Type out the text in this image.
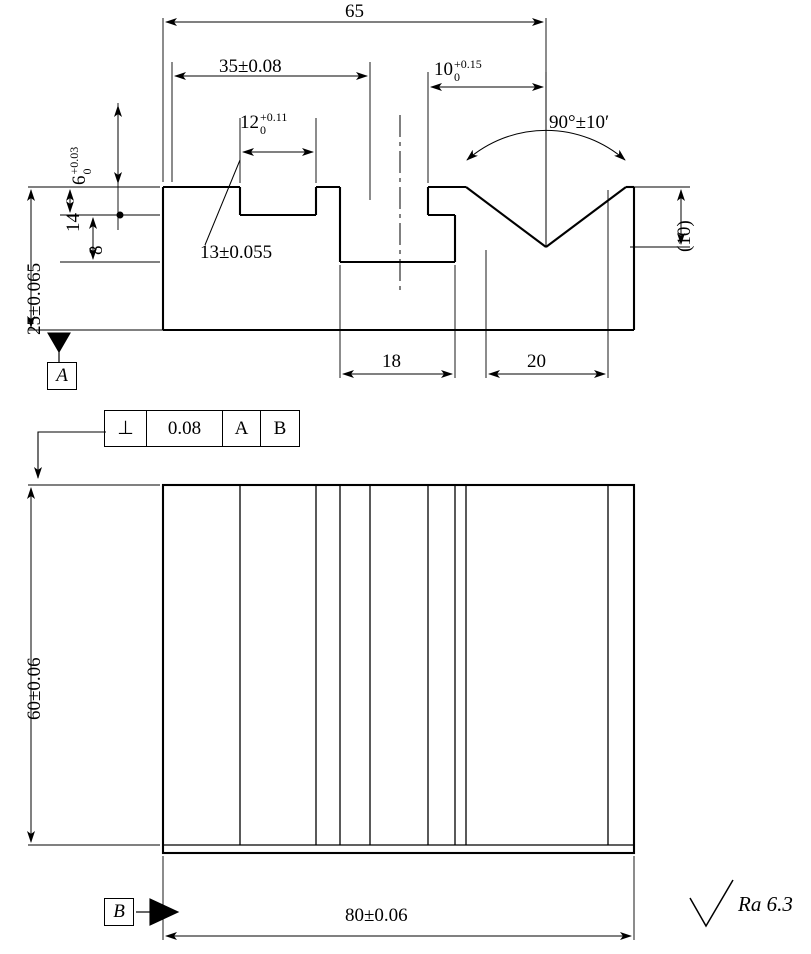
65
35±0.08
12+0.11
0
10+0.15
0
6+0.03
0
13±0.055
14
8
25±0.065
(10)
90°±10′
18	20
60±0.06
80±0.06
A
B
⊥ 0.08 A B
Ra 6.3
